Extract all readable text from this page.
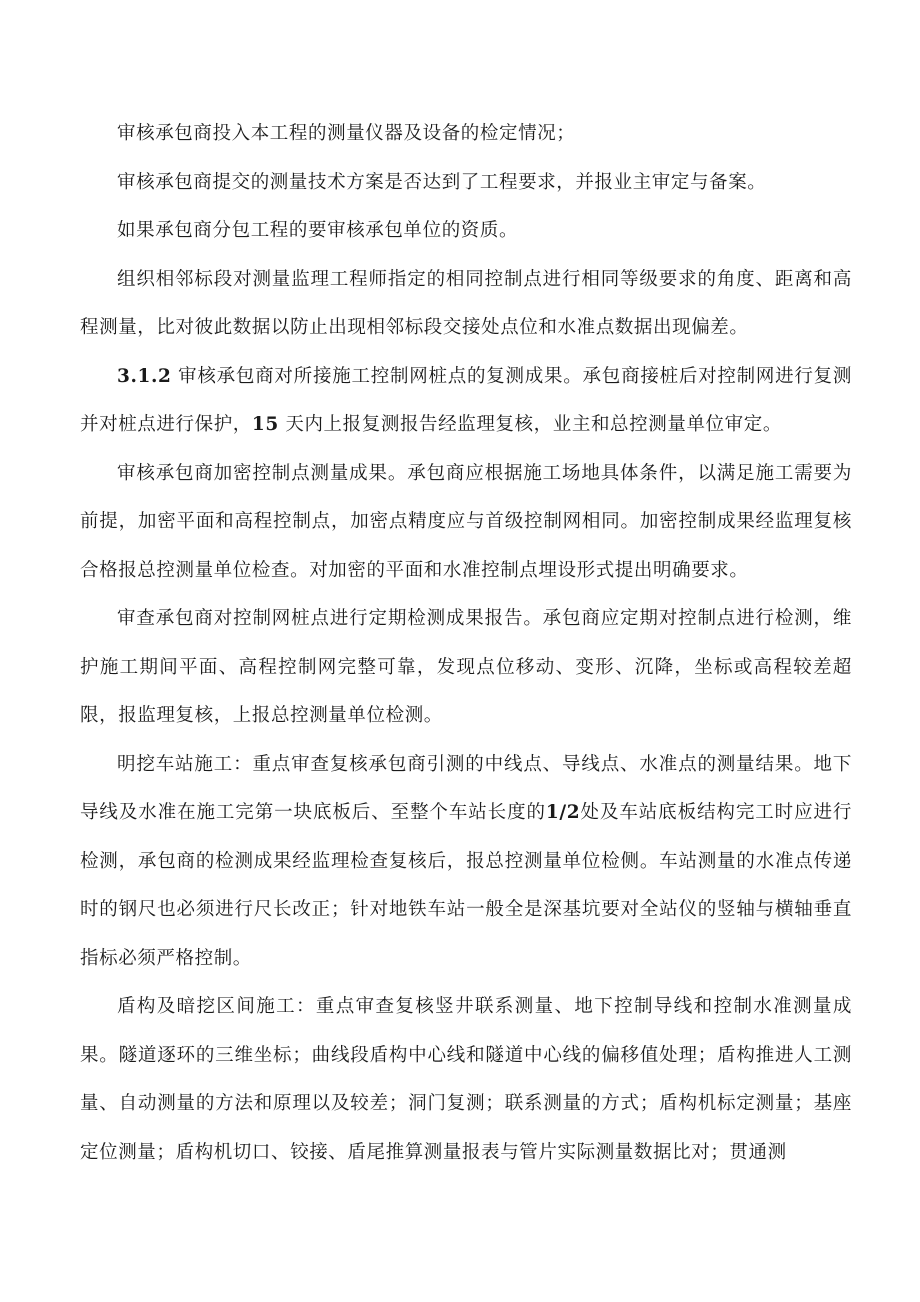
审核承包商投入本工程的测量仪器及设备的检定情况；

审核承包商提交的测量技术方案是否达到了工程要求，并报业主审定与备案。

如果承包商分包工程的要审核承包单位的资质。

组织相邻标段对测量监理工程师指定的相同控制点进行相同等级要求的角度、距离和高程测量，比对彼此数据以防止出现相邻标段交接处点位和水准点数据出现偏差。

3.1.2 审核承包商对所接施工控制网桩点的复测成果。承包商接桩后对控制网进行复测并对桩点进行保护，15 天内上报复测报告经监理复核，业主和总控测量单位审定。

审核承包商加密控制点测量成果。承包商应根据施工场地具体条件，以满足施工需要为前提，加密平面和高程控制点，加密点精度应与首级控制网相同。加密控制成果经监理复核合格报总控测量单位检查。对加密的平面和水准控制点埋设形式提出明确要求。

审查承包商对控制网桩点进行定期检测成果报告。承包商应定期对控制点进行检测，维护施工期间平面、高程控制网完整可靠，发现点位移动、变形、沉降，坐标或高程较差超限，报监理复核，上报总控测量单位检测。

明挖车站施工：重点审查复核承包商引测的中线点、导线点、水准点的测量结果。地下导线及水准在施工完第一块底板后、至整个车站长度的1/2处及车站底板结构完工时应进行检测，承包商的检测成果经监理检查复核后，报总控测量单位检侧。车站测量的水准点传递时的钢尺也必须进行尺长改正；针对地铁车站一般全是深基坑要对全站仪的竖轴与横轴垂直指标必须严格控制。

盾构及暗挖区间施工：重点审查复核竖井联系测量、地下控制导线和控制水准测量成果。隧道逐环的三维坐标；曲线段盾构中心线和隧道中心线的偏移值处理；盾构推进人工测量、自动测量的方法和原理以及较差；洞门复测；联系测量的方式；盾构机标定测量；基座定位测量；盾构机切口、铰接、盾尾推算测量报表与管片实际测量数据比对；贯通测
